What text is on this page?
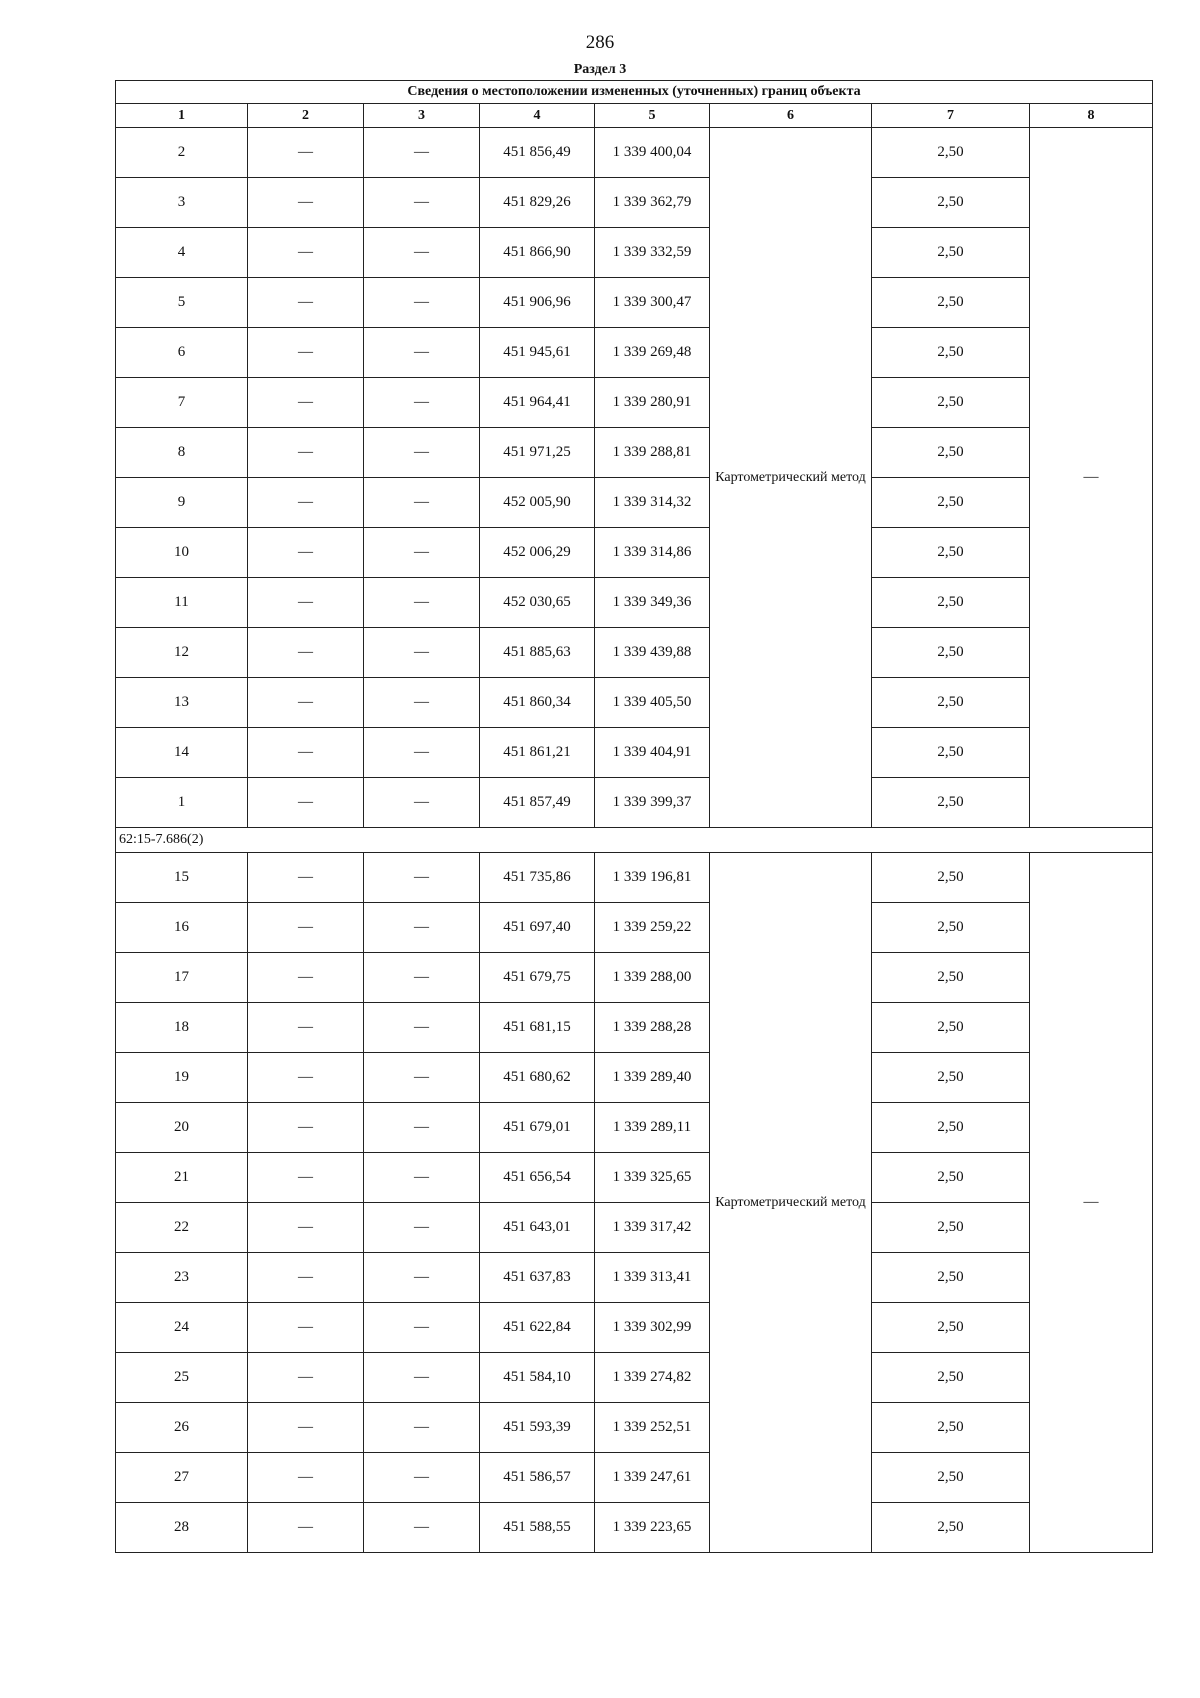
286
Раздел 3
Сведения о местоположении измененных (уточненных) границ объекта							
1	2	3	4	5	6	7	8
2	—	—	451 856,49	1 339 400,04	Картометрический метод	2,50	—
3	—	—	451 829,26	1 339 362,79		2,50	
4	—	—	451 866,90	1 339 332,59		2,50	
5	—	—	451 906,96	1 339 300,47		2,50	
6	—	—	451 945,61	1 339 269,48		2,50	
7	—	—	451 964,41	1 339 280,91		2,50	
8	—	—	451 971,25	1 339 288,81		2,50	
9	—	—	452 005,90	1 339 314,32		2,50	
10	—	—	452 006,29	1 339 314,86		2,50	
11	—	—	452 030,65	1 339 349,36		2,50	
12	—	—	451 885,63	1 339 439,88		2,50	
13	—	—	451 860,34	1 339 405,50		2,50	
14	—	—	451 861,21	1 339 404,91		2,50	
1	—	—	451 857,49	1 339 399,37		2,50	
62:15-7.686(2)							
15	—	—	451 735,86	1 339 196,81	Картометрический метод	2,50	—
16	—	—	451 697,40	1 339 259,22		2,50	
17	—	—	451 679,75	1 339 288,00		2,50	
18	—	—	451 681,15	1 339 288,28		2,50	
19	—	—	451 680,62	1 339 289,40		2,50	
20	—	—	451 679,01	1 339 289,11		2,50	
21	—	—	451 656,54	1 339 325,65		2,50	
22	—	—	451 643,01	1 339 317,42		2,50	
23	—	—	451 637,83	1 339 313,41		2,50	
24	—	—	451 622,84	1 339 302,99		2,50	
25	—	—	451 584,10	1 339 274,82		2,50	
26	—	—	451 593,39	1 339 252,51		2,50	
27	—	—	451 586,57	1 339 247,61		2,50	
28	—	—	451 588,55	1 339 223,65		2,50	
